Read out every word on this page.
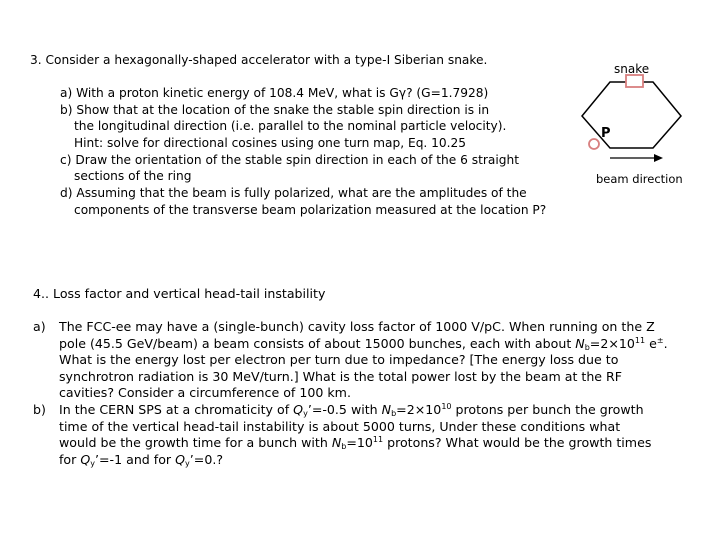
3. Consider a hexagonally-shaped accelerator with a type-I Siberian snake.
a) With a proton kinetic energy of 108.4 MeV, what is Gγ? (G=1.7928)
b) Show that at the location of the snake the stable spin direction is in
the longitudinal direction (i.e. parallel to the nominal particle velocity).
Hint: solve for directional cosines using one turn map, Eq. 10.25
c) Draw the orientation of the stable spin direction in each of the 6 straight
sections of the ring
d) Assuming that the beam is fully polarized, what are the amplitudes of the
components of the transverse beam polarization measured at the location P?
snake
P
beam direction
4.. Loss factor and vertical head-tail instability
a) The FCC-ee may have a (single-bunch) cavity loss factor of 1000 V/pC. When running on the Z
pole (45.5 GeV/beam) a beam consists of about 15000 bunches, each with about $N_b=2\times 10^{11}$ e±.
What is the energy lost per electron per turn due to impedance? [The energy loss due to
synchrotron radiation is 30 MeV/turn.] What is the total power lost by the beam at the RF
cavities? Consider a circumference of 100 km.
b) In the CERN SPS at a chromaticity of $Q_y’=-0.5$ with $N_b=2\times 10^{10}$ protons per bunch the growth
time of the vertical head-tail instability is about 5000 turns, Under these conditions what
would be the growth time for a bunch with $N_b=10^{11}$ protons? What would be the growth times
for $Q_y’=-1$ and for $Q_y’=0$.?
